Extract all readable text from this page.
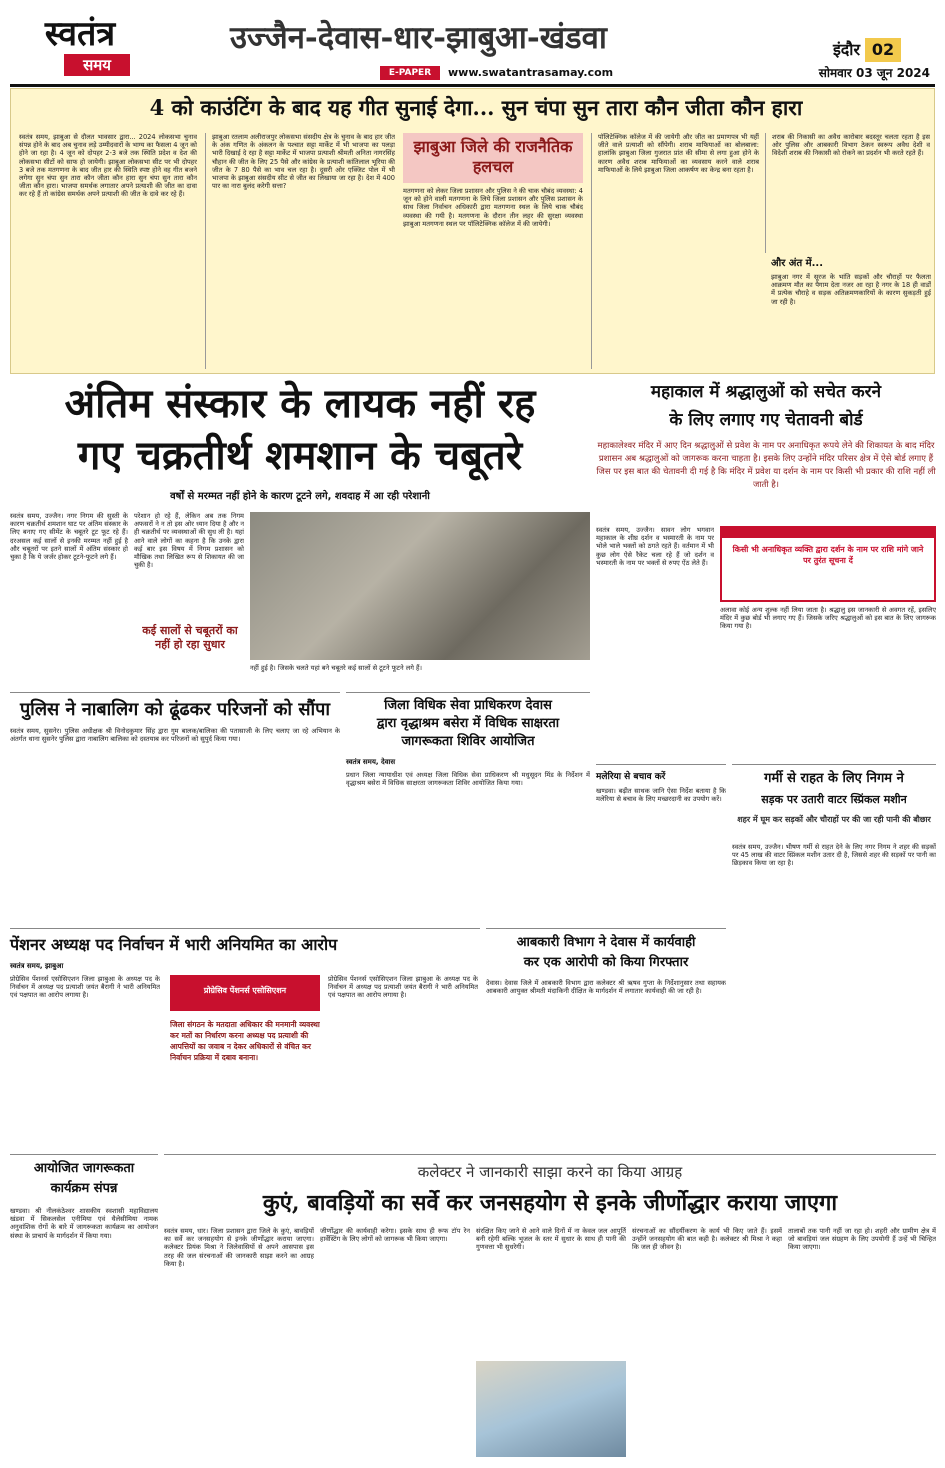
स्वतंत्र
समय
उज्जैन-देवास-धार-झाबुआ-खंडवा
E-PAPER	www.swatantrasamay.com
इंदौर 02
सोमवार 03 जून 2024
4 को काउंटिंग के बाद यह गीत सुनाई देगा... सुन चंपा सुन तारा कौन जीता कौन हारा
स्वतंत्र समय, झाबुआ से दौलत भावसार द्वारा... 2024 लोकसभा चुनाव संपन्न होने के बाद अब चुनाव लड़े उम्मीदवारों के भाग्य का फैसला 4 जून को होने जा रहा है। 4 जून को दोपहर 2-3 बजे तक स्थिति प्रदेश व देश की लोकसभा सीटों को साफ हो जायेगी। झाबुआ लोकसभा सीट पर भी दोपहर 3 बजे तक मतगणना के बाद जीत हार की स्थिति स्पष्ट होने वह गीत बजने लगेगा सुन चंपा सुन तारा कौन जीता कौन हारा सुन चंपा सुन तारा कौन जीता कौन हारा। भाजपा समर्थक लगातार अपने प्रत्याशी की जीत का दावा कर रहे हैं तो कांग्रेस समर्थक अपने प्रत्याशी की जीत के दावे कर रहे हैं।
झाबुआ रतलाम अलीराजपुर लोकसभा संसदीय क्षेत्र के चुनाव के बाद हार जीत के अंक गणित के अंकलन के पश्चात सट्टा मार्केट में भी भाजपा का पलड़ा भारी दिखाई दे रहा है सट्टा मार्केट में भाजपा प्रत्याशी श्रीमती अनिता नागरसिंह चौहान की जीत के लिए 25 पैसे और कांग्रेस के प्रत्याशी कांतिलाल भूरिया की जीत के 7 80 पैसे का भाव चल रहा है। दूसरी ओर एक्जिट पोल में भी भाजपा के झाबुआ संसदीय सीट से जीत का लिखाया जा रहा है। देश में 400 पार का नारा बुलंद करेगी सत्ता?
झाबुआ जिले की राजनैतिक हलचल
मतगणना को लेकर जिला प्रशासन और पुलिस ने की चाक चौबंद व्यवस्था: 4 जून को होने वाली मतगणना के लिये जिला प्रशासन और पुलिस प्रशासन के साथ जिला निर्वाचन अधिकारी द्वारा मतगणना स्थल के लिये चाक चौबंद व्यवस्था की गयी है। मतगणना के दौरान तीन लहर की सुरक्षा व्यवस्था झाबुआ मतगणना स्थल पर पॉलिटेक्निक कॉलेज में की जायेगी।
पॉलिटेक्निक कॉलेज में की जायेगी और जीत का प्रमाणपत्र भी यहीं जीते वाले प्रत्याशी को सौंपेगी। शराब माफियाओं का बोलबाला: हालांकि झाबुआ जिला गुजरात प्रांत की सीमा से लगा हुआ होने के कारण अवैध शराब माफियाओं का व्यवसाय करने वाले शराब माफियाओं के लिये झाबुआ जिला आकर्षण का केन्द्र बना रहता है।
शराब की निकासी का अवैध कारोबार बदस्तूर चलता रहता है इस ओर पुलिस और आबकारी विभाग ठेकन स्वरूप अवैध देशी व विदेशी शराब की निकासी को रोकने का प्रदर्शन भी करते रहते हैं।
और अंत में...
झाबुआ नगर में सूरज के भांति सड़कों और चौराहों पर फैलता आक्रमण मौत का पैगाम देता नजर आ रहा है नगर के 18 ही वार्डों में प्रत्येक चौराहे व सड़क अतिक्रमणकारियों के कारण सुकड़ती हुई जा रही है।
अंतिम संस्कार के लायक नहीं रह
गए चक्रतीर्थ शमशान के चबूतरे
वर्षों से मरम्मत नहीं होने के कारण टूटने लगे, शवदाह में आ रही परेशानी
स्वतंत्र समय, उज्जैन। नगर निगम की सुस्ती के कारण चक्रतीर्थ शमशान घाट पर अंतिम संस्कार के लिए बनाए गए सीमेंट के चबूतरे टूट फूट रहे हैं। दरअसल कई सालों से इनकी मरम्मत नहीं हुई है और चबूतरों पर इतने सालों में अंतिम संस्कार हो चुका है कि ये जर्जर होकर टूटने-फूटने लगे हैं।
परेशान हो रहे हैं, लेकिन अब तक निगम अफसरों ने न तो इस ओर ध्यान दिया है और न ही चक्रतीर्थ पर व्यवस्थाओं की सुध ली है। यहां आने वाले लोगों का कहना है कि उनके द्वारा कई बार इस विषय में निगम प्रशासन को मौखिक तथा लिखित रूप से शिकायत की जा चुकी है।
कई सालों से चबूतरों का नहीं हो रहा सुधार
नहीं हुई है। जिसके चलते यहां बने चबूतरे कई सालों से टूटने फूटने लगे हैं।
महाकाल में श्रद्धालुओं को सचेत करने
के लिए लगाए गए चेतावनी बोर्ड
महाकालेश्वर मंदिर में आए दिन श्रद्धालुओं से प्रवेश के नाम पर अनाधिकृत रूपये लेने की शिकायत के बाद मंदिर प्रशासन अब श्रद्धालुओं को जागरूक करना चाहता है। इसके लिए उन्होंने मंदिर परिसर क्षेत्र में ऐसे बोर्ड लगाए हैं जिस पर इस बात की चेतावनी दी गई है कि मंदिर में प्रवेश या दर्शन के नाम पर किसी भी प्रकार की राशि नहीं ली जाती है।
स्वतंत्र समय, उज्जैन। सावन लोग भगवान महाकाल के शीघ्र दर्शन व भस्मारती के नाम पर भोले भाले भक्तों को ठगते रहते हैं। वर्तमान में भी कुछ लोग ऐसे रैकेट चला रहे हैं जो दर्शन व भस्मारती के नाम पर भक्तों से रुपए ऐंठ लेते हैं।
किसी भी अनाधिकृत व्यक्ति द्वारा दर्शन के नाम पर राशि मांगे जाने पर तुरंत सूचना दें
अलावा कोई अन्य शुल्क नहीं लिया जाता है। श्रद्धालु इस जानकारी से अवगत रहें, इसलिए मंदिर में कुछ बोर्ड भी लगाए गए हैं। जिसके जरिए श्रद्धालुओं को इस बात के लिए जागरूक किया गया है।
पुलिस ने नाबालिग को ढूंढकर परिजनों को सौंपा
स्वतंत्र समय, सुसनेर। पुलिस अधीक्षक श्री विनोदकुमार सिंह द्वारा गुम बालक/बालिका की पतासाजी के लिए चलाए जा रहे अभियान के अंतर्गत थाना सुसनेर पुलिस द्वारा नाबालिग बालिका को दस्तयाब कर परिजनों को सुपुर्द किया गया।
जिला विधिक सेवा प्राधिकरण देवास
द्वारा वृद्धाश्रम बसेरा में विधिक साक्षरता
जागरूकता शिविर आयोजित
स्वतंत्र समय, देवास
प्रधान जिला न्यायाधीश एवं अध्यक्ष जिला विधिक सेवा प्राधिकरण श्री मधुसूदन मिंड के निर्देशन में वृद्धाश्रम बसेरा में विधिक साक्षरता जागरूकता शिविर आयोजित किया गया।
मलेरिया से बचाव करें
खण्डवा। बढ़ीत साथक जानि ऐसा निर्देश बताया है कि मलेरिया से बचाव के लिए मच्छरदानी का उपयोग करें।
गर्मी से राहत के लिए निगम ने
सड़क पर उतारी वाटर स्प्रिंकल मशीन
शहर में घूम कर सड़कों और चौराहों पर की जा रही पानी की बौछार
स्वतंत्र समय, उज्जैन। भीषण गर्मी से राहत देने के लिए नगर निगम ने शहर की सड़कों पर 45 लाख की वाटर स्प्रिंकल मशीन उतार दी है, जिससे शहर की सड़कों पर पानी का छिड़काव किया जा रहा है।
पेंशनर अध्यक्ष पद निर्वाचन में भारी अनियमित का आरोप
स्वतंत्र समय, झाबुआ
प्रोग्रेसिव पेंशनर्स एसोसिएशन जिला झाबुआ के अध्यक्ष पद के निर्वाचन में अध्यक्ष पद प्रत्याशी जयंत बैरागी ने भारी अनियमित एवं पक्षपात का आरोप लगाया है।
प्रोग्रेसिव पेंशनर्स एसोसिएशन
जिला संगठन के मतदाता अधिकार की मनमानी व्यवस्था कर मतों का निर्धारण करना अध्यक्ष पद प्रत्याशी की आपत्तियों का जवाब न देकर अधिकारों से वंचित कर निर्वाचन प्रक्रिया में दबाव बनाना।
प्रोग्रेसिव पेंशनर्स एसोसिएशन जिला झाबुआ के अध्यक्ष पद के निर्वाचन में अध्यक्ष पद प्रत्याशी जयंत बैरागी ने भारी अनियमित एवं पक्षपात का आरोप लगाया है।
आबकारी विभाग ने देवास में कार्यवाही
कर एक आरोपी को किया गिरफ्तार
देवास। देवास जिले में आबकारी विभाग द्वारा कलेक्टर श्री ऋषव गुप्ता के निर्देशानुसार तथा सहायक आबकारी आयुक्त श्रीमती मंदाकिनी दीक्षित के मार्गदर्शन में लगातार कार्यवाही की जा रही है।
आयोजित जागरूकता
कार्यक्रम संपन्न
खण्डवा। श्री नीलकंठेश्वर शासकीय स्वशासी महाविद्यालय खंडवा में सिकलसेल एनीमिया एवं थैलेसीमिया नामक अनुवांशिक रोगों के बारे में जागरूकता कार्यक्रम का आयोजन संस्था के प्राचार्य के मार्गदर्शन में किया गया।
कलेक्टर ने जानकारी साझा करने का किया आग्रह
कुएं, बावड़ियों का सर्वे कर जनसहयोग से इनके जीर्णोद्धार कराया जाएगा
स्वतंत्र समय, धार। जिला प्रशासन द्वारा जिले के कुएं, बावड़ियों का सर्वे कर जनसहयोग से इनके जीर्णोद्धार कराया जाएगा। कलेक्टर प्रियंक मिश्रा ने जिलेवासियों से अपने आसपास इस तरह की जल संरचनाओं की जानकारी साझा करने का आग्रह किया है।
जीर्णोद्धार की कार्यवाही करेगा। इसके साथ ही रूफ टॉप रेन हार्वेस्टिंग के लिए लोगों को जागरूक भी किया जाएगा।
संरक्षित किए जाने से आने वाले दिनों में ना केवल जल आपूर्ति बनी रहेगी बल्कि भूजल के स्तर में सुधार के साथ ही पानी की गुणवत्ता भी सुधरेगी।
संरचनाओं का सौंदर्यीकरण के कार्य भी किए जाते हैं। इसमें उन्होंने जनसहयोग की बात कही है। कलेक्टर श्री मिश्रा ने कहा कि जल ही जीवन है।
तालाबों तक पानी नहीं जा रहा हो। शहरी और ग्रामीण क्षेत्र में जो बावड़ियां जल संग्रहण के लिए उपयोगी हैं उन्हें भी चिन्हित किया जाएगा।
